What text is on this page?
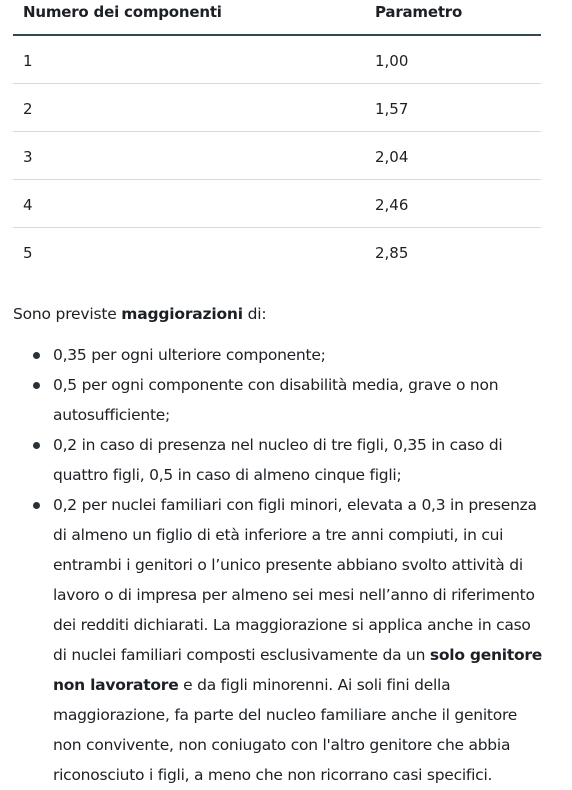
Numero dei componenti	Parametro
1	1,00
2	1,57
3	2,04
4	2,46
5	2,85

Sono previste maggiorazioni di:

0,35 per ogni ulteriore componente;
0,5 per ogni componente con disabilità media, grave o non autosufficiente;
0,2 in caso di presenza nel nucleo di tre figli, 0,35 in caso di quattro figli, 0,5 in caso di almeno cinque figli;
0,2 per nuclei familiari con figli minori, elevata a 0,3 in presenza di almeno un figlio di età inferiore a tre anni compiuti, in cui entrambi i genitori o l’unico presente abbiano svolto attività di lavoro o di impresa per almeno sei mesi nell’anno di riferimento dei redditi dichiarati. La maggiorazione si applica anche in caso di nuclei familiari composti esclusivamente da un solo genitore non lavoratore e da figli minorenni. Ai soli fini della maggiorazione, fa parte del nucleo familiare anche il genitore non convivente, non coniugato con l'altro genitore che abbia riconosciuto i figli, a meno che non ricorrano casi specifici.
